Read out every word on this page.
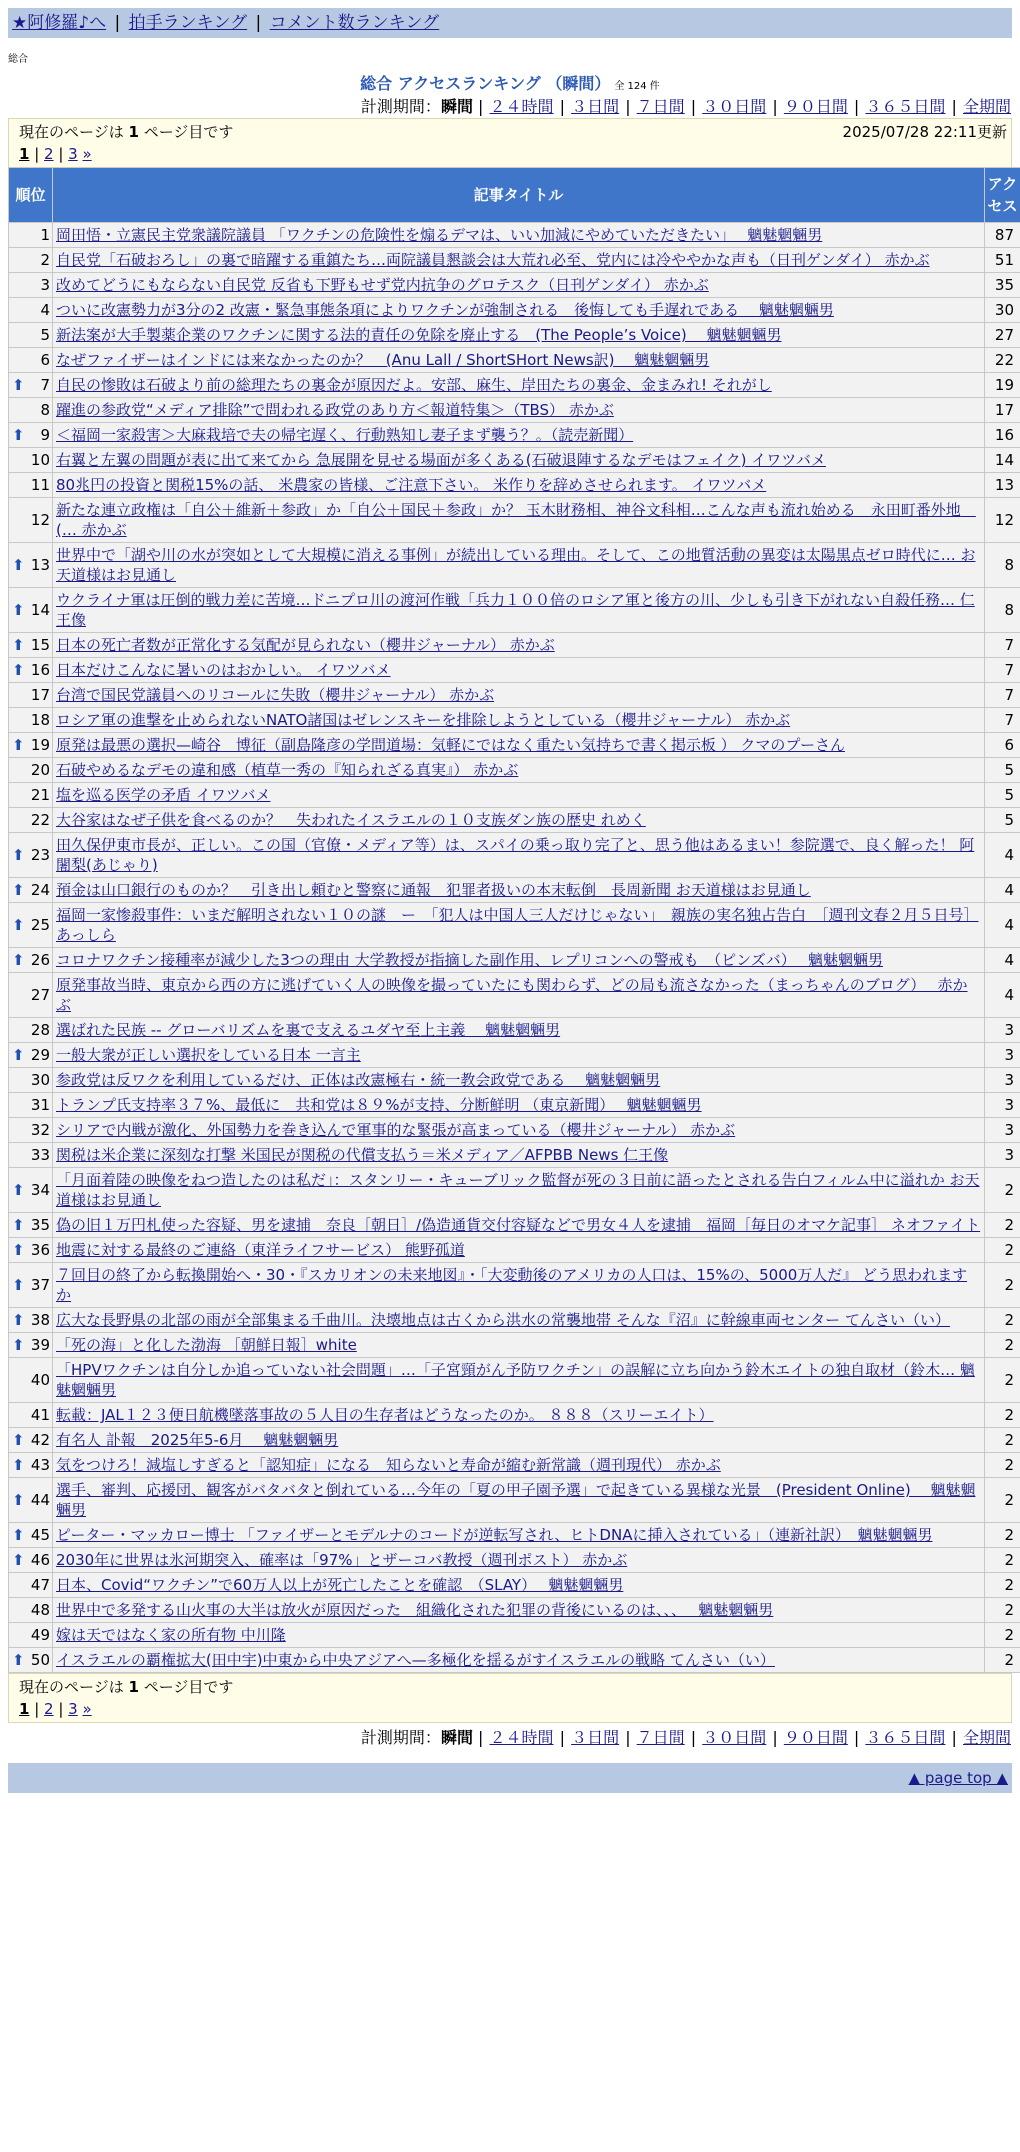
★阿修羅♪へ | 拍手ランキング | コメント数ランキング
総合
総合 アクセスランキング （瞬間） 全 124 件
計測期間：瞬間 | ２４時間 | ３日間 | ７日間 | ３０日間 | ９０日間 | ３６５日間 | 全期間
現在のページは 1 ページ目です	2025/07/28 22:11更新
1 | 2 | 3 »
順位	記事タイトル	アクセス
1	岡田悟・立憲民主党衆議院議員 「ワクチンの危険性を煽るデマは、いい加減にやめていただきたい」　 魑魅魍魎男	87
2	自民党「石破おろし」の裏で暗躍する重鎮たち…両院議員懇談会は大荒れ必至、党内には冷ややかな声も（日刊ゲンダイ） 赤かぶ	51
3	改めてどうにもならない自民党 反省も下野もせず党内抗争のグロテスク（日刊ゲンダイ） 赤かぶ	35
4	ついに改憲勢力が3分の2 改憲・緊急事態条項によりワクチンが強制される　後悔しても手遅れである　 魑魅魍魎男	30
5	新法案が大手製薬企業のワクチンに関する法的責任の免除を廃止する　(The People’s Voice)　 魑魅魍魎男	27
6	なぜファイザーはインドには来なかったのか？　(Anu Lall / ShortSHort News訳)　 魑魅魍魎男	22

⬆ 7	自民の惨敗は石破より前の総理たちの裏金が原因だよ。安部、麻生、岸田たちの裏金、金まみれ! それがし	19
8	躍進の参政党“メディア排除”で問われる政党のあり方＜報道特集＞（TBS） 赤かぶ	17

⬆ 9	＜福岡一家殺害＞大麻栽培で夫の帰宅遅く、行動熟知し妻子まず襲う？。（読売新聞）	16
10	右翼と左翼の問題が表に出て来てから 急展開を見せる場面が多くある(石破退陣するなデモはフェイク) イワツバメ	14
11	80兆円の投資と関税15%の話、 米農家の皆様、ご注意下さい。 米作りを辞めさせられます。 イワツバメ	13
12	新たな連立政権は「自公＋維新＋参政」か「自公＋国民＋参政」か？ 玉木財務相、神谷文科相…こんな声も流れ始める　永田町番外地　(… 赤かぶ	12

⬆ 13	世界中で「湖や川の水が突如として大規模に消える事例」が続出している理由。そして、この地質活動の異変は太陽黒点ゼロ時代に… お天道様はお見通し	8

⬆ 14	ウクライナ軍は圧倒的戦力差に苦境…ドニプロ川の渡河作戦「兵力１００倍のロシア軍と後方の川、少しも引き下がれない自殺任務… 仁王像	8

⬆ 15	日本の死亡者数が正常化する気配が見られない（櫻井ジャーナル） 赤かぶ	7

⬆ 16	日本だけこんなに暑いのはおかしい。 イワツバメ	7
17	台湾で国民党議員へのリコールに失敗（櫻井ジャーナル） 赤かぶ	7
18	ロシア軍の進撃を止められないNATO諸国はゼレンスキーを排除しようとしている（櫻井ジャーナル） 赤かぶ	7

⬆ 19	原発は最悪の選択—崎谷　博征（副島隆彦の学問道場：気軽にではなく重たい気持ちで書く掲示板 ） クマのプーさん	6
20	石破やめるなデモの違和感（植草一秀の『知られざる真実』） 赤かぶ	5
21	塩を巡る医学の矛盾 イワツバメ	5
22	大谷家はなぜ子供を食べるのか？　失われたイスラエルの１０支族ダン族の歴史 れめく	5

⬆ 23	田久保伊東市長が、正しい。この国（官僚・メディア等）は、スパイの乗っ取り完了と、思う他はあるまい！参院選で、良く解った！ 阿闍梨(あじゃり)	4

⬆ 24	預金は山口銀行のものか？　引き出し頼むと警察に通報　犯罪者扱いの本末転倒　長周新聞 お天道様はお見通し	4

⬆ 25	福岡一家惨殺事件：いまだ解明されない１０の謎　ー　「犯人は中国人三人だけじゃない」　親族の実名独占告白　［週刊文春２月５日号］ あっしら	4

⬆ 26	コロナワクチン接種率が減少した3つの理由 大学教授が指摘した副作用、レプリコンへの警戒も　（ピンズバ）　 魑魅魍魎男	4
27	原発事故当時、東京から西の方に逃げていく人の映像を撮っていたにも関わらず、どの局も流さなかった（まっちゃんのブログ）　 赤かぶ	4
28	選ばれた民族 -- グローバリズムを裏で支えるユダヤ至上主義　 魑魅魍魎男	3

⬆ 29	一般大衆が正しい選択をしている日本 一言主	3
30	参政党は反ワクを利用しているだけ、正体は改憲極右・統一教会政党である　 魑魅魍魎男	3
31	トランプ氏支持率３７%、最低に　共和党は８９%が支持、分断鮮明 （東京新聞）　 魑魅魍魎男	3
32	シリアで内戦が激化、外国勢力を巻き込んで軍事的な緊張が高まっている（櫻井ジャーナル） 赤かぶ	3
33	関税は米企業に深刻な打撃 米国民が関税の代償支払う＝米メディア／AFPBB News 仁王像	3

⬆ 34	「月面着陸の映像をねつ造したのは私だ」：スタンリー・キューブリック監督が死の３日前に語ったとされる告白フィルム中に溢れか お天道様はお見通し	2

⬆ 35	偽の旧１万円札使った容疑、男を逮捕　奈良［朝日］/偽造通貨交付容疑などで男女４人を逮捕　福岡［毎日のオマケ記事］ ネオファイト	2

⬆ 36	地震に対する最終のご連絡（東洋ライフサービス） 熊野孤道	2

⬆ 37	７回目の終了から転換開始へ・30・『スカリオンの未来地図』・「大変動後のアメリカの人口は、15%の、5000万人だ』 どう思われますか	2

⬆ 38	広大な長野県の北部の雨が全部集まる千曲川。決壊地点は古くから洪水の常襲地帯 そんな『沼』に幹線車両センター てんさい（い）	2

⬆ 39	「死の海」と化した渤海 ［朝鮮日報］white	2
40	「HPVワクチンは自分しか追っていない社会問題」…「子宮頸がん予防ワクチン」の誤解に立ち向かう鈴木エイトの独自取材（鈴木… 魑魅魍魎男	2
41	転載：JAL１２３便日航機墜落事故の５人目の生存者はどうなったのか。 ８８８（スリーエイト）	2

⬆ 42	有名人 訃報　2025年5-6月　 魑魅魍魎男	2

⬆ 43	気をつけろ！減塩しすぎると「認知症」になる　知らないと寿命が縮む新常識（週刊現代） 赤かぶ	2

⬆ 44	選手、審判、応援団、観客がバタバタと倒れている…今年の「夏の甲子園予選」で起きている異様な光景　(President Online)　 魑魅魍魎男	2

⬆ 45	ピーター・マッカロー博士 「ファイザーとモデルナのコードが逆転写され、ヒトDNAに挿入されている」（連新社訳）　魑魅魍魎男	2

⬆ 46	2030年に世界は氷河期突入、確率は「97%」とザーコバ教授（週刊ポスト） 赤かぶ	2
47	日本、Covid“ワクチン”で60万人以上が死亡したことを確認　（SLAY）　 魑魅魍魎男	2
48	世界中で多発する山火事の大半は放火が原因だった　組織化された犯罪の背後にいるのは、、、　 魑魅魍魎男	2
49	嫁は天ではなく家の所有物 中川隆	2

⬆ 50	イスラエルの覇権拡大(田中宇)中東から中央アジアへ—多極化を揺るがすイスラエルの戦略 てんさい（い）	2
現在のページは 1 ページ目です
1 | 2 | 3 »
計測期間：瞬間 | ２４時間 | ３日間 | ７日間 | ３０日間 | ９０日間 | ３６５日間 | 全期間
▲ page top ▲
